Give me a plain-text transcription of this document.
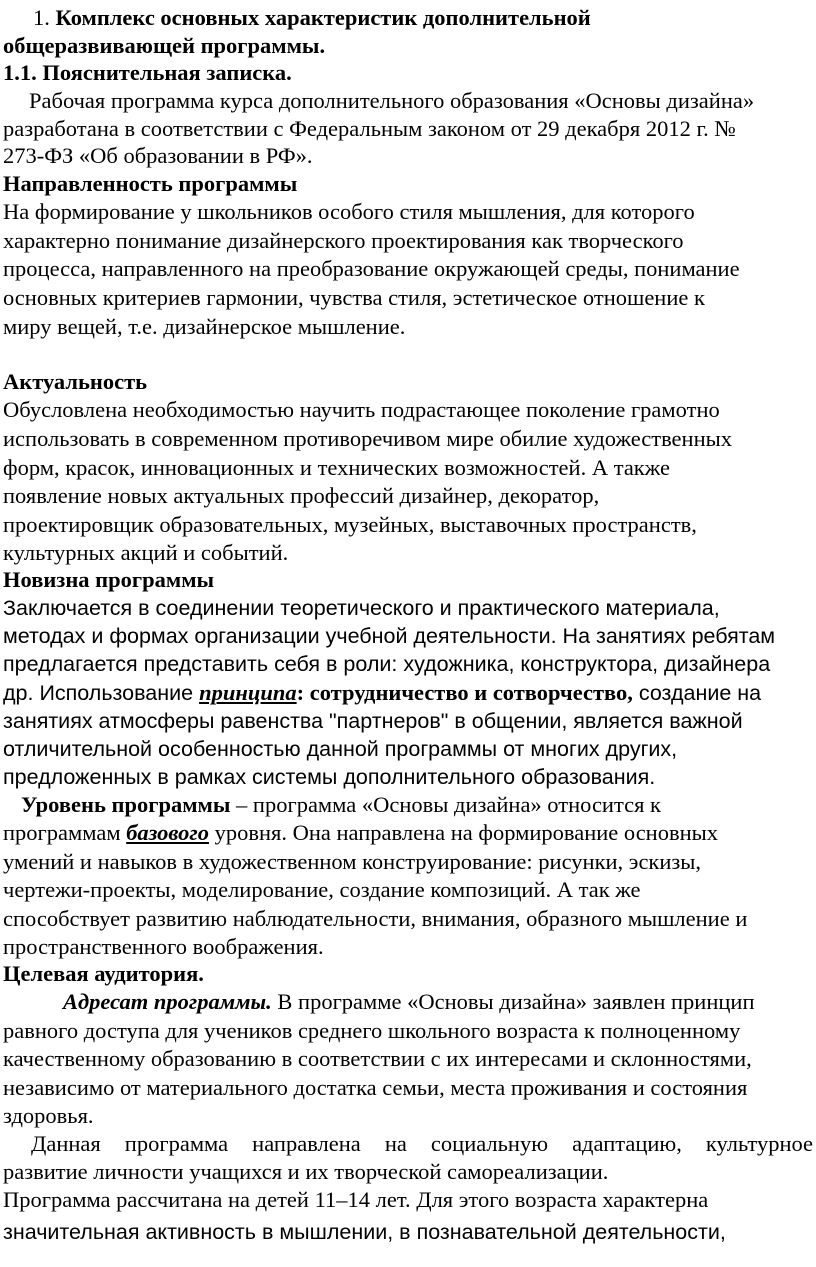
1. Комплекс основных характеристик дополнительной
общеразвивающей программы.
1.1. Пояснительная записка.
Рабочая программа курса дополнительного образования «Основы дизайна»
разработана в соответствии с Федеральным законом от 29 декабря 2012 г. №
273-ФЗ «Об образовании в РФ».
Направленность программы
На формирование у школьников особого стиля мышления, для которого
характерно понимание дизайнерского проектирования как творческого
процесса, направленного на преобразование окружающей среды, понимание
основных критериев гармонии, чувства стиля, эстетическое отношение к
миру вещей, т.е. дизайнерское мышление.
Актуальность
Обусловлена необходимостью научить подрастающее поколение грамотно
использовать в современном противоречивом мире обилие художественных
форм, красок, инновационных и технических возможностей. А также
появление новых актуальных профессий дизайнер, декоратор,
проектировщик образовательных, музейных, выставочных пространств,
культурных акций и событий.
Новизна программы
Заключается в соединении теоретического и практического материала,
методах и формах организации учебной деятельности. На занятиях ребятам
предлагается представить себя в роли: художника, конструктора, дизайнера
др. Использование принципа: сотрудничество и сотворчество, создание на
занятиях атмосферы равенства "партнеров" в общении, является важной
отличительной особенностью данной программы от многих других,
предложенных в рамках системы дополнительного образования.
Уровень программы – программа «Основы дизайна» относится к
программам базового уровня. Она направлена на формирование основных
умений и навыков в художественном конструирование: рисунки, эскизы,
чертежи-проекты, моделирование, создание композиций. А так же
способствует развитию наблюдательности, внимания, образного мышление и
пространственного воображения.
Целевая аудитория.
Адресат программы. В программе «Основы дизайна» заявлен принцип
равного доступа для учеников среднего школьного возраста к полноценному
качественному образованию в соответствии с их интересами и склонностями,
независимо от материального достатка семьи, места проживания и состояния
здоровья.
Данная программа направлена на социальную адаптацию, культурное
развитие личности учащихся и их творческой самореализации.
Программа рассчитана на детей 11–14 лет. Для этого возраста характерна
значительная активность в мышлении, в познавательной деятельности,
